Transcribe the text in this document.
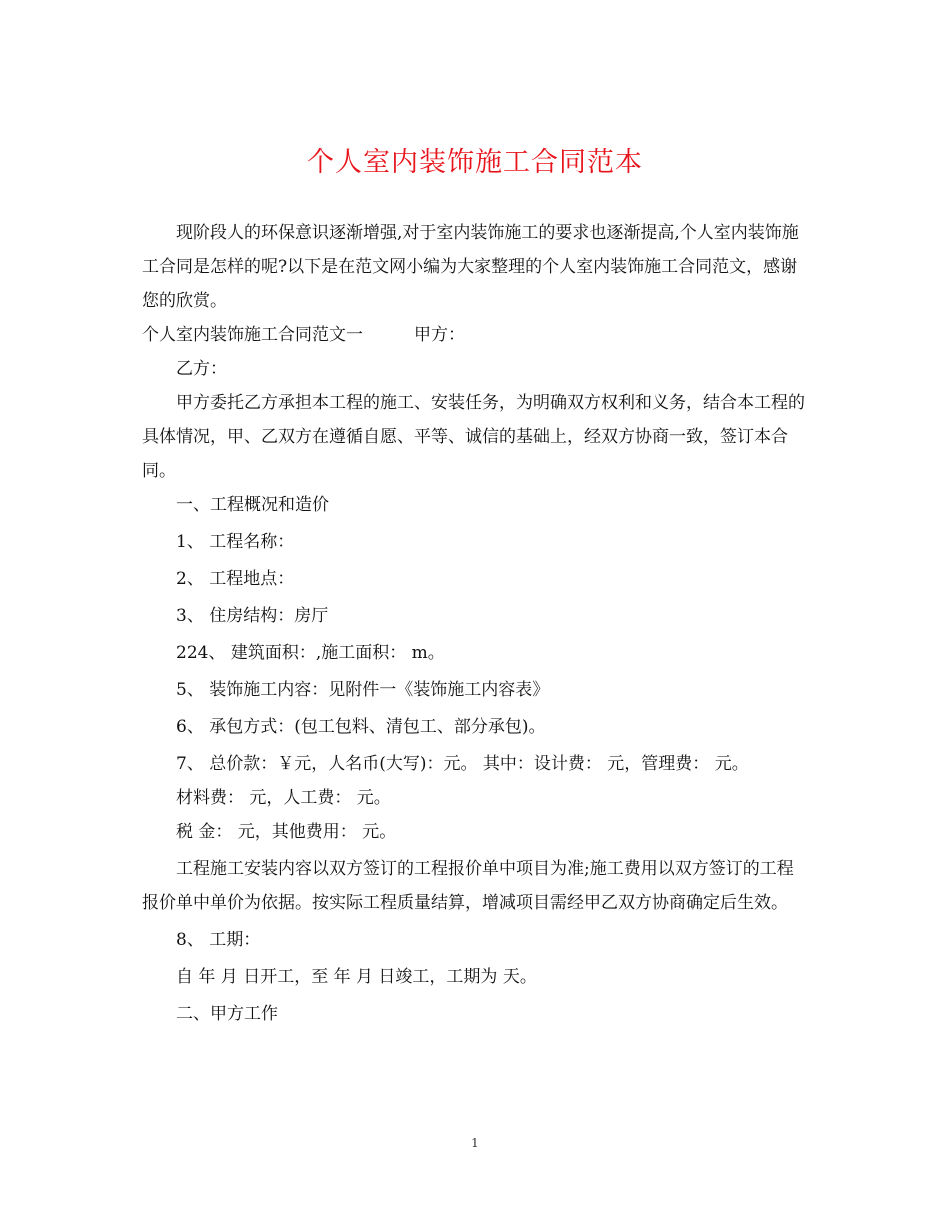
个人室内装饰施工合同范本

现阶段人的环保意识逐渐增强,对于室内装饰施工的要求也逐渐提高,个人室内装饰施工合同是怎样的呢?以下是在范文网小编为大家整理的个人室内装饰施工合同范文，感谢您的欣赏。

个人室内装饰施工合同范文一　　　甲方：

乙方：

甲方委托乙方承担本工程的施工、安装任务，为明确双方权利和义务，结合本工程的具体情况，甲、乙双方在遵循自愿、平等、诚信的基础上，经双方协商一致，签订本合同。

一、工程概况和造价

1、 工程名称：

2、 工程地点：

3、 住房结构：房厅

224、 建筑面积：,施工面积： m。

5、 装饰施工内容：见附件一《装饰施工内容表》

6、 承包方式：(包工包料、清包工、部分承包)。

7、 总价款：￥元，人名币(大写)：元。 其中：设计费： 元，管理费： 元。

材料费： 元，人工费： 元。

税 金： 元，其他费用： 元。

工程施工安装内容以双方签订的工程报价单中项目为准;施工费用以双方签订的工程报价单中单价为依据。按实际工程质量结算，增减项目需经甲乙双方协商确定后生效。

8、 工期：

自 年 月 日开工，至 年 月 日竣工，工期为 天。

二、甲方工作

1
